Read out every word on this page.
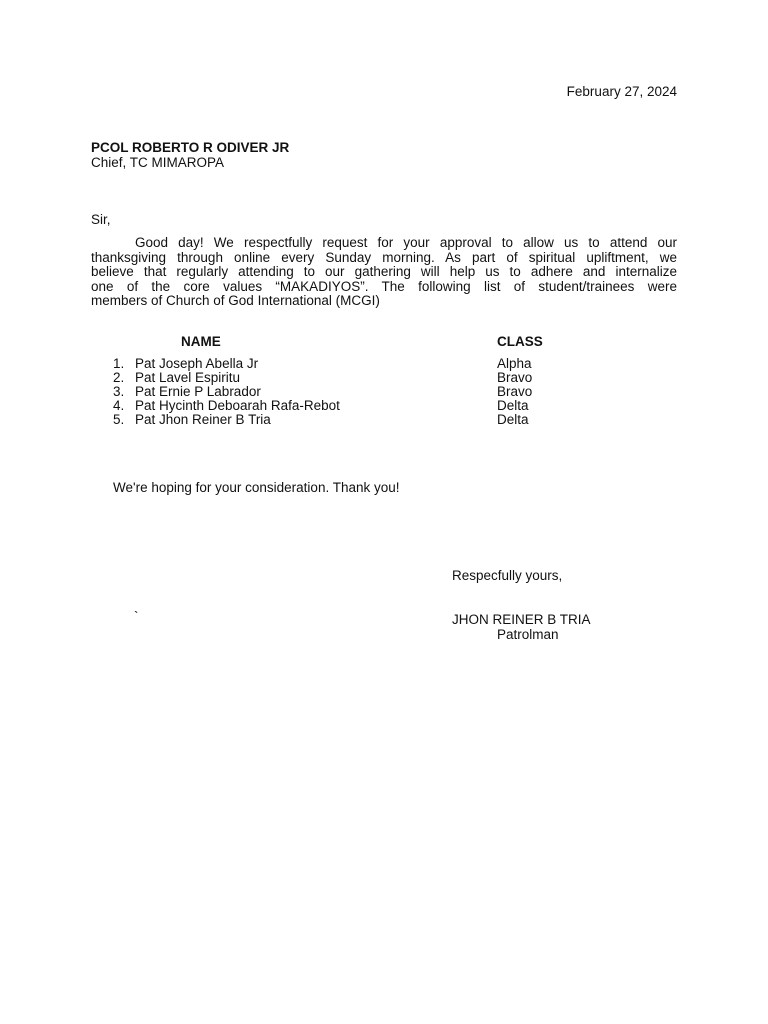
February 27, 2024
PCOL ROBERTO R ODIVER JR
Chief, TC MIMAROPA
Sir,
Good day! We respectfully request for your approval to allow us to attend our
thanksgiving through online every Sunday morning. As part of spiritual upliftment, we
believe that regularly attending to our gathering will help us to adhere and internalize
one of the core values “MAKADIYOS”. The following list of student/trainees were
members of Church of God International (MCGI)
NAME	CLASS
1. Pat Joseph Abella Jr	Alpha
2. Pat Lavel Espiritu	Bravo
3. Pat Ernie P Labrador	Bravo
4. Pat Hycinth Deboarah Rafa-Rebot	Delta
5. Pat Jhon Reiner B Tria	Delta
We're hoping for your consideration. Thank you!
Respecfully yours,
`	JHON REINER B TRIA
Patrolman
